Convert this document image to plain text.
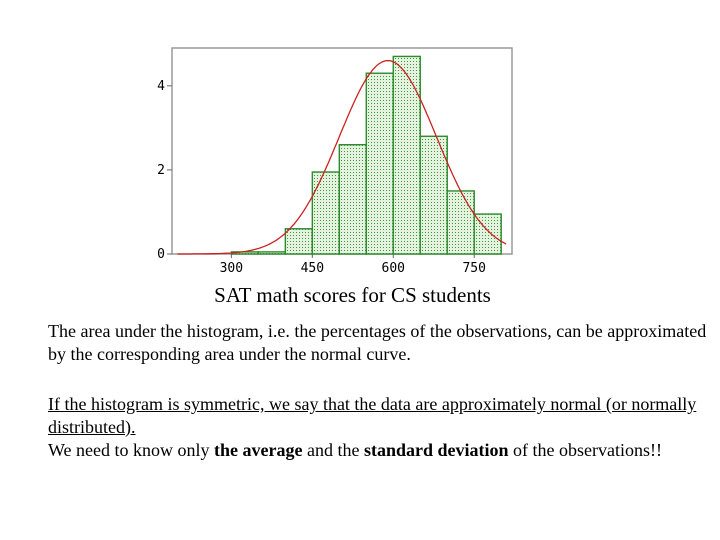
0
2
4
300	450	600	750
SAT math scores for CS students
The area under the histogram, i.e. the percentages of the observations, can be approximated by the corresponding area under the normal curve.
If the histogram is symmetric, we say that the data are approximately normal (or normally distributed).
We need to know only the average and the standard deviation of the observations!!
